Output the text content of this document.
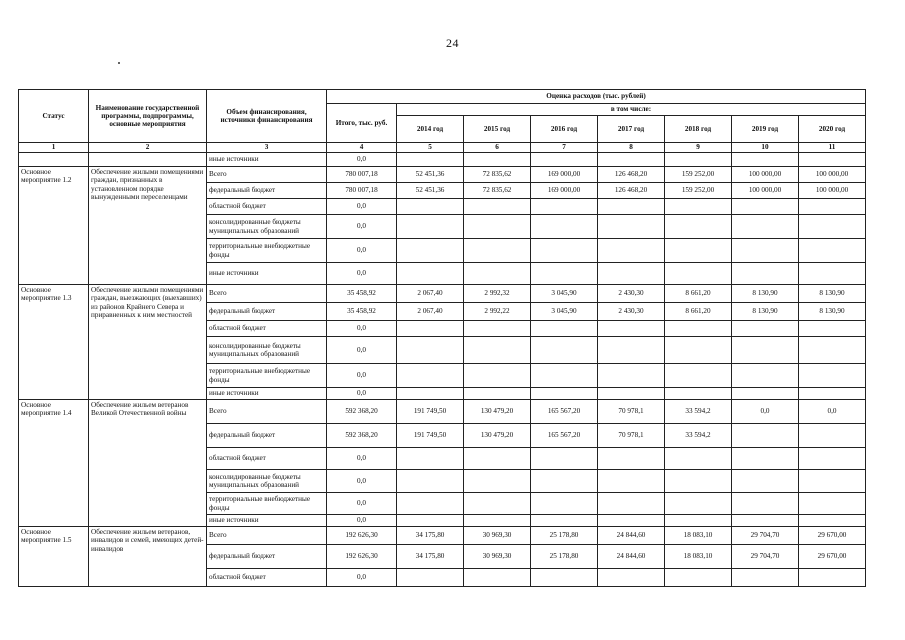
24
Статус	Наименование государственной программы, подпрограммы, основные мероприятия	Объем финансирования, источники финансирования	Оценка расходов (тыс. рублей)							
			Итого, тыс. руб.	в том числе:						
				2014 год	2015 год	2016 год	2017 год	2018 год	2019 год	2020 год
1	2	3	4	5	6	7	8	9	10	11
		иные источники	0,0							
Основное мероприятие 1.2	Обеспечение жилыми помещениями граждан, признанных в установленном порядке вынужденными переселенцами	Всего	780 007,18	52 451,36	72 835,62	169 000,00	126 468,20	159 252,00	100 000,00	100 000,00
		федеральный бюджет	780 007,18	52 451,36	72 835,62	169 000,00	126 468,20	159 252,00	100 000,00	100 000,00
		областной бюджет	0,0							
		консолидированные бюджеты муниципальных образований	0,0							
		территориальные внебюджетные фонды	0,0							
		иные источники	0,0							
Основное мероприятие 1.3	Обеспечение жилыми помещениями граждан, выезжающих (выехавших) из районов Крайнего Севера и приравненных к ним местностей	Всего	35 458,92	2 067,40	2 992,32	3 045,90	2 430,30	8 661,20	8 130,90	8 130,90
		федеральный бюджет	35 458,92	2 067,40	2 992,22	3 045,90	2 430,30	8 661,20	8 130,90	8 130,90
		областной бюджет	0,0							
		консолидированные бюджеты муниципальных образований	0,0							
		территориальные внебюджетные фонды	0,0							
		иные источники	0,0							
Основное мероприятие 1.4	Обеспечение жильем ветеранов Великой Отечественной войны	Всего	592 368,20	191 749,50	130 479,20	165 567,20	70 978,1	33 594,2	0,0	0,0
		федеральный бюджет	592 368,20	191 749,50	130 479,20	165 567,20	70 978,1	33 594,2		
		областной бюджет	0,0							
		консолидированные бюджеты муниципальных образований	0,0							
		территориальные внебюджетные фонды	0,0							
		иные источники	0,0							
Основное мероприятие 1.5	Обеспечение жильем ветеранов, инвалидов и семей, имеющих детей-инвалидов	Всего	192 626,30	34 175,80	30 969,30	25 178,80	24 844,60	18 083,10	29 704,70	29 670,00
		федеральный бюджет	192 626,30	34 175,80	30 969,30	25 178,80	24 844,60	18 083,10	29 704,70	29 670,00
		областной бюджет	0,0							
